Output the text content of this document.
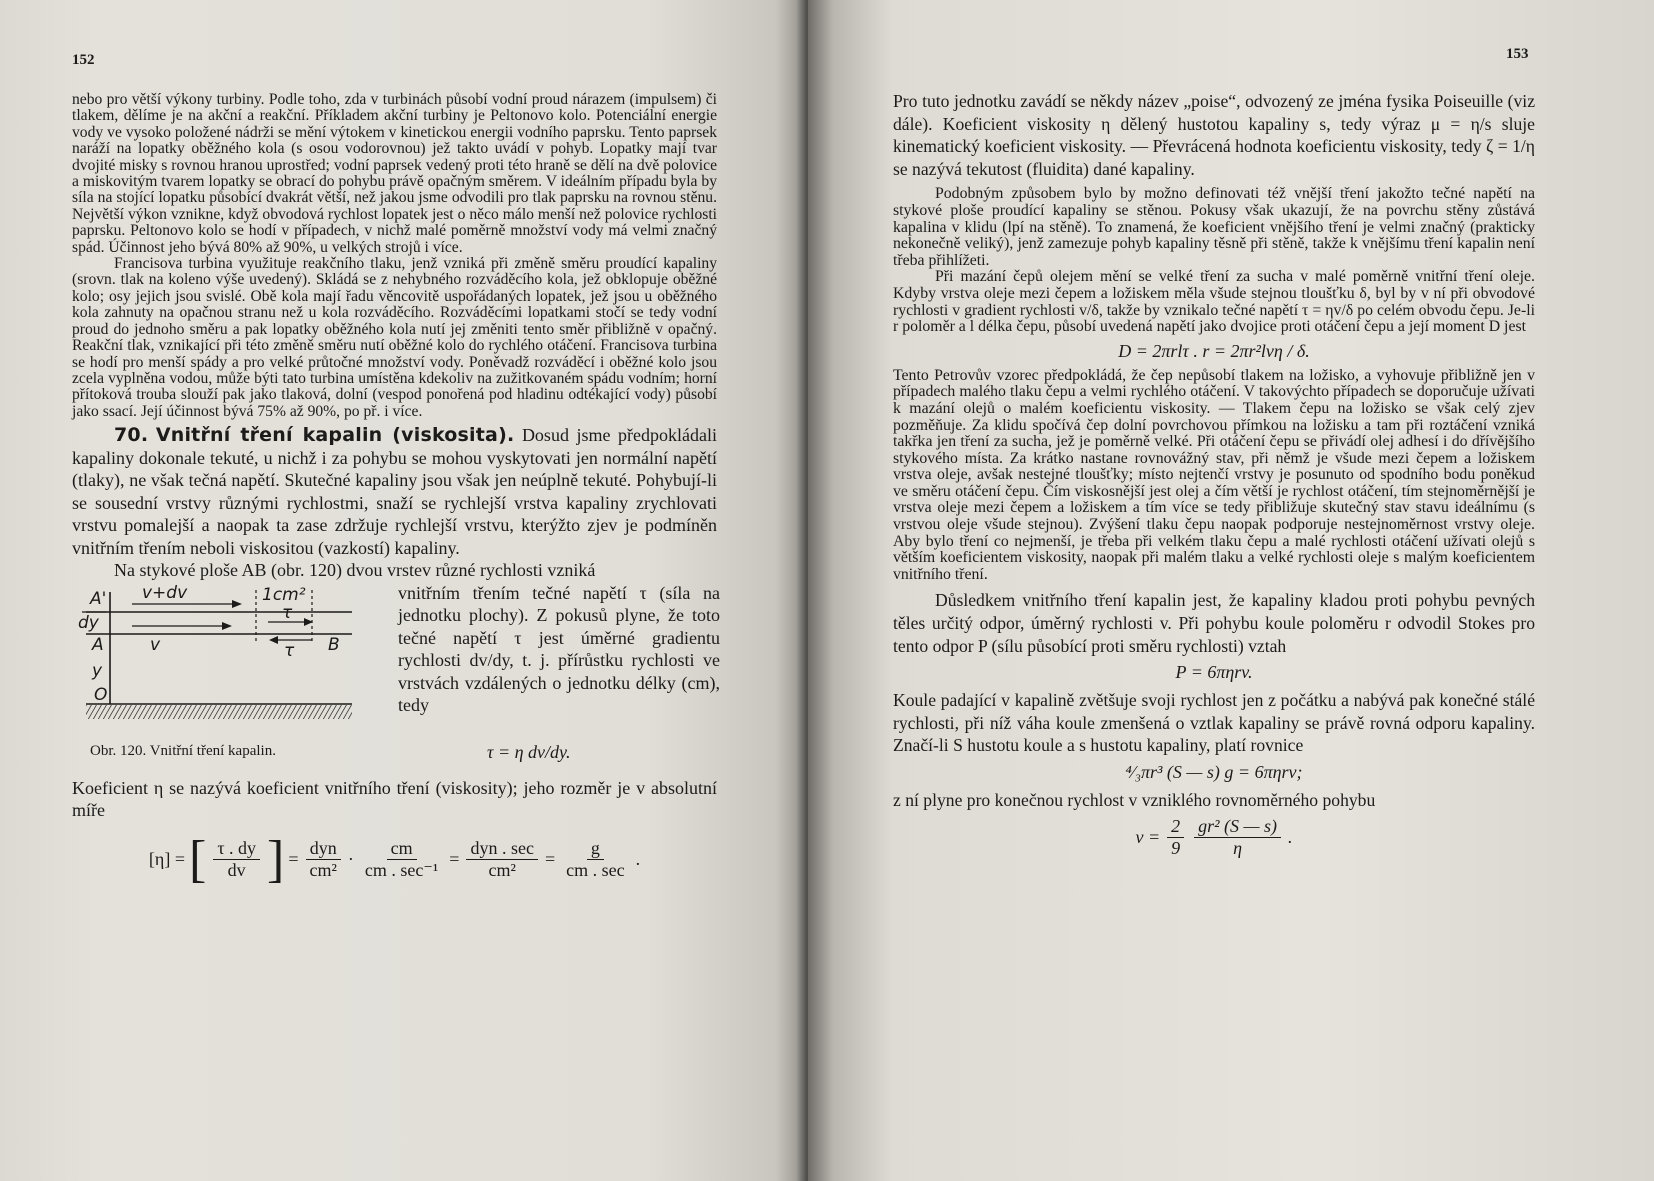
152

nebo pro větší výkony turbiny. Podle toho, zda v turbinách působí vodní proud nárazem (impulsem) či tlakem, dělíme je na akční a reakční. Příkladem akční turbiny je Peltonovo kolo. Potenciální energie vody ve vysoko položené nádrži se mění výtokem v kinetickou energii vodního paprsku. Tento paprsek naráží na lopatky oběžného kola (s osou vodorovnou) jež takto uvádí v pohyb. Lopatky mají tvar dvojité misky s rovnou hranou uprostřed; vodní paprsek vedený proti této hraně se dělí na dvě polovice a miskovitým tvarem lopatky se obrací do pohybu právě opačným směrem. V ideálním případu byla by síla na stojící lopatku působící dvakrát větší, než jakou jsme odvodili pro tlak paprsku na rovnou stěnu. Největší výkon vznikne, když obvodová rychlost lopatek jest o něco málo menší než polovice rychlosti paprsku. Peltonovo kolo se hodí v případech, v nichž malé poměrně množství vody má velmi značný spád. Účinnost jeho bývá 80% až 90%, u velkých strojů i více.

Francisova turbina využituje reakčního tlaku, jenž vzniká při změně směru proudící kapaliny (srovn. tlak na koleno výše uvedený). Skládá se z nehybného rozváděcího kola, jež obklopuje oběžné kolo; osy jejich jsou svislé. Obě kola mají řadu věncovitě uspořádaných lopatek, jež jsou u oběžného kola zahnuty na opačnou stranu než u kola rozváděcího. Rozváděcími lopatkami stočí se tedy vodní proud do jednoho směru a pak lopatky oběžného kola nutí jej změniti tento směr přibližně v opačný. Reakční tlak, vznikající při této změně směru nutí oběžné kolo do rychlého otáčení. Francisova turbina se hodí pro menší spády a pro velké průtočné množství vody. Poněvadž rozváděcí i oběžné kolo jsou zcela vyplněna vodou, může býti tato turbina umístěna kdekoliv na zužitkovaném spádu vodním; horní přítoková trouba slouží pak jako tlaková, dolní (vespod ponořená pod hladinu odtékající vody) působí jako ssací. Její účinnost bývá 75% až 90%, po př. i více.

70. Vnitřní tření kapalin (viskosita). Dosud jsme předpokládali kapaliny dokonale tekuté, u nichž i za pohybu se mohou vyskytovati jen normální napětí (tlaky), ne však tečná napětí. Skutečné kapaliny jsou však jen neúplně tekuté. Pohybují-li se sousední vrstvy různými rychlostmi, snaží se rychlejší vrstva kapaliny zrychlovati vrstvu pomalejší a naopak ta zase zdržuje rychlejší vrstvu, kterýžto zjev je podmíněn vnitřním třením neboli viskositou (vazkostí) kapaliny.

Na stykové ploše AB (obr. 120) dvou vrstev různé rychlosti vzniká

A' v+dv	1cm²
dy	τ
A	v	τ B
y
O
Obr. 120. Vnitřní tření kapalin.
vnitřním třením tečné napětí τ (síla na jednotku plochy). Z pokusů plyne, že toto tečné napětí τ jest úměrné gradientu rychlosti dv/dy, t. j. přírůstku rychlosti ve vrstvách vzdálených o jednotku délky (cm), tedy
τ = η dv/dy.

Koeficient η se nazývá koeficient vnitřního tření (viskosity); jeho rozměr je v absolutní míře

[η] = [ $\frac{\tau . dy}{dv}$ ] = $\frac{\text{dyn}}{\text{cm²}} \cdot \frac{cm}{\text{cm . sec⁻¹}} = \frac{\text{dyn . sec}}{\text{cm²}} = \frac{g}{cm . \sec}$ .
153

Pro tuto jednotku zavádí se někdy název „poise“, odvozený ze jména fysika Poiseuille (viz dále). Koeficient viskosity η dělený hustotou kapaliny s, tedy výraz μ = η/s sluje kinematický koeficient viskosity. — Převrácená hodnota koeficientu viskosity, tedy ζ = 1/η se nazývá tekutost (fluidita) dané kapaliny.

Podobným způsobem bylo by možno definovati též vnější tření jakožto tečné napětí na stykové ploše proudící kapaliny se stěnou. Pokusy však ukazují, že na povrchu stěny zůstává kapalina v klidu (lpí na stěně). To znamená, že koeficient vnějšího tření je velmi značný (prakticky nekonečně veliký), jenž zamezuje pohyb kapaliny těsně při stěně, takže k vnějšímu tření kapalin není třeba přihlížeti.

Při mazání čepů olejem mění se velké tření za sucha v malé poměrně vnitřní tření oleje. Kdyby vrstva oleje mezi čepem a ložiskem měla všude stejnou tloušťku δ, byl by v ní při obvodové rychlosti v gradient rychlosti v/δ, takže by vznikalo tečné napětí τ = ηv/δ po celém obvodu čepu. Je-li r poloměr a l délka čepu, působí uvedená napětí jako dvojice proti otáčení čepu a její moment D jest

D = 2πrlτ . r = 2πr²lvη / δ.

Tento Petrovův vzorec předpokládá, že čep nepůsobí tlakem na ložisko, a vyhovuje přibližně jen v případech malého tlaku čepu a velmi rychlého otáčení. V takovýchto případech se doporučuje užívati k mazání olejů o malém koeficientu viskosity. — Tlakem čepu na ložisko se však celý zjev pozměňuje. Za klidu spočívá čep dolní povrchovou přímkou na ložisku a tam při roztáčení vzniká takřka jen tření za sucha, jež je poměrně velké. Při otáčení čepu se přivádí olej adhesí i do dřívějšího stykového místa. Za krátko nastane rovnovážný stav, při němž je všude mezi čepem a ložiskem vrstva oleje, avšak nestejné tloušťky; místo nejtenčí vrstvy je posunuto od spodního bodu poněkud ve směru otáčení čepu. Čím viskosnější jest olej a čím větší je rychlost otáčení, tím stejnoměrnější je vrstva oleje mezi čepem a ložiskem a tím více se tedy přibližuje skutečný stav stavu ideálnímu (s vrstvou oleje všude stejnou). Zvýšení tlaku čepu naopak podporuje nestejnoměrnost vrstvy oleje. Aby bylo tření co nejmenší, je třeba při velkém tlaku čepu a malé rychlosti otáčení užívati olejů s větším koeficientem viskosity, naopak při malém tlaku a velké rychlosti oleje s malým koeficientem vnitřního tření.

Důsledkem vnitřního tření kapalin jest, že kapaliny kladou proti pohybu pevných těles určitý odpor, úměrný rychlosti v. Při pohybu koule poloměru r odvodil Stokes pro tento odpor P (sílu působící proti směru rychlosti) vztah

P = 6πηrv.

Koule padající v kapalině zvětšuje svoji rychlost jen z počátku a nabývá pak konečné stálé rychlosti, při níž váha koule zmenšená o vztlak kapaliny se právě rovná odporu kapaliny. Značí-li S hustotu koule a s hustotu kapaliny, platí rovnice

⁴⁄₃πr³ (S — s) g = 6πηrv;

z ní plyne pro konečnou rychlost v vzniklého rovnoměrného pohybu

$v = \frac{2}{9} \frac{\text{gr² (S — s)}}{\eta}$ .
